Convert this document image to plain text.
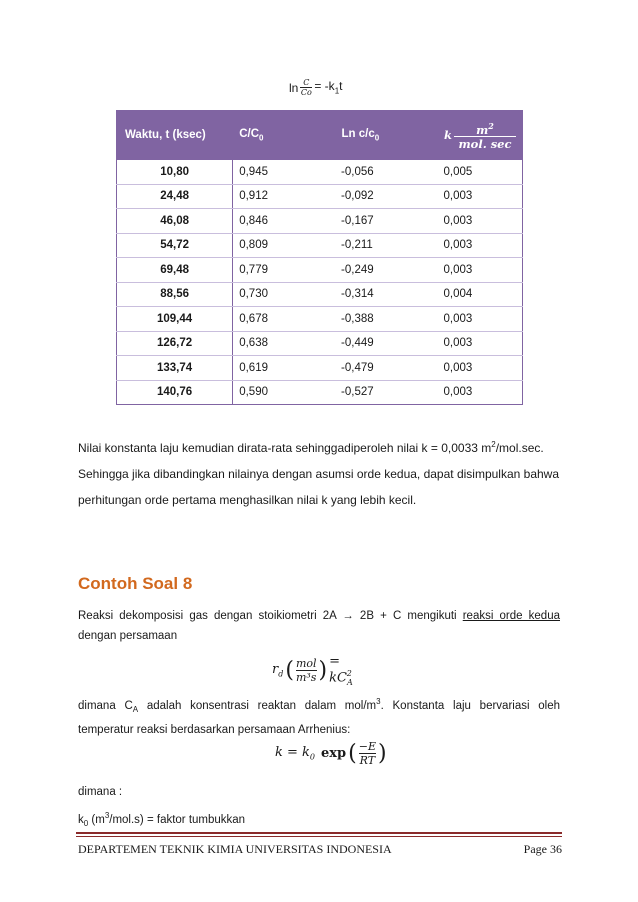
$\ln \frac{C}{Co} = -k_1t$
Waktu, t (ksec)	$C/C_0$	Ln $c/c_0$	k $m^2$
mol. sec

10,80	0,945	-0,056	0,005
24,48	0,912	-0,092	0,003
46,08	0,846	-0,167	0,003
54,72	0,809	-0,211	0,003
69,48	0,779	-0,249	0,003
88,56	0,730	-0,314	0,004
109,44	0,678	-0,388	0,003
126,72	0,638	-0,449	0,003
133,74	0,619	-0,479	0,003
140,76	0,590	-0,527	0,003
Nilai konstanta laju kemudian dirata-rata sehinggadiperoleh nilai k = 0,0033 $m^2/mol.\sec$.
Sehingga jika dibandingkan nilainya dengan asumsi orde kedua, dapat disimpulkan bahwa
perhitungan orde pertama menghasilkan nilai k yang lebih kecil.
Contoh Soal 8
Reaksi dekomposisi gas dengan stoikiometri 2A → 2B + C mengikuti reaksi orde kedua dengan persamaan
$r_d$ ( $\frac{\text{mol}}{\text{m³s}}$ ) = $kC_A^2$
dimana $C_A$ adalah konsentrasi reaktan dalam mol/$m^3$. Konstanta laju bervariasi oleh temperatur reaksi berdasarkan persamaan Arrhenius:
$k = k_0$ exp ( $\frac{-E}{RT}$ )
dimana :
$k_0$ $(m^3/mol.s)$ = faktor tumbukkan
DEPARTEMEN TEKNIK KIMIA UNIVERSITAS INDONESIA	Page 36
